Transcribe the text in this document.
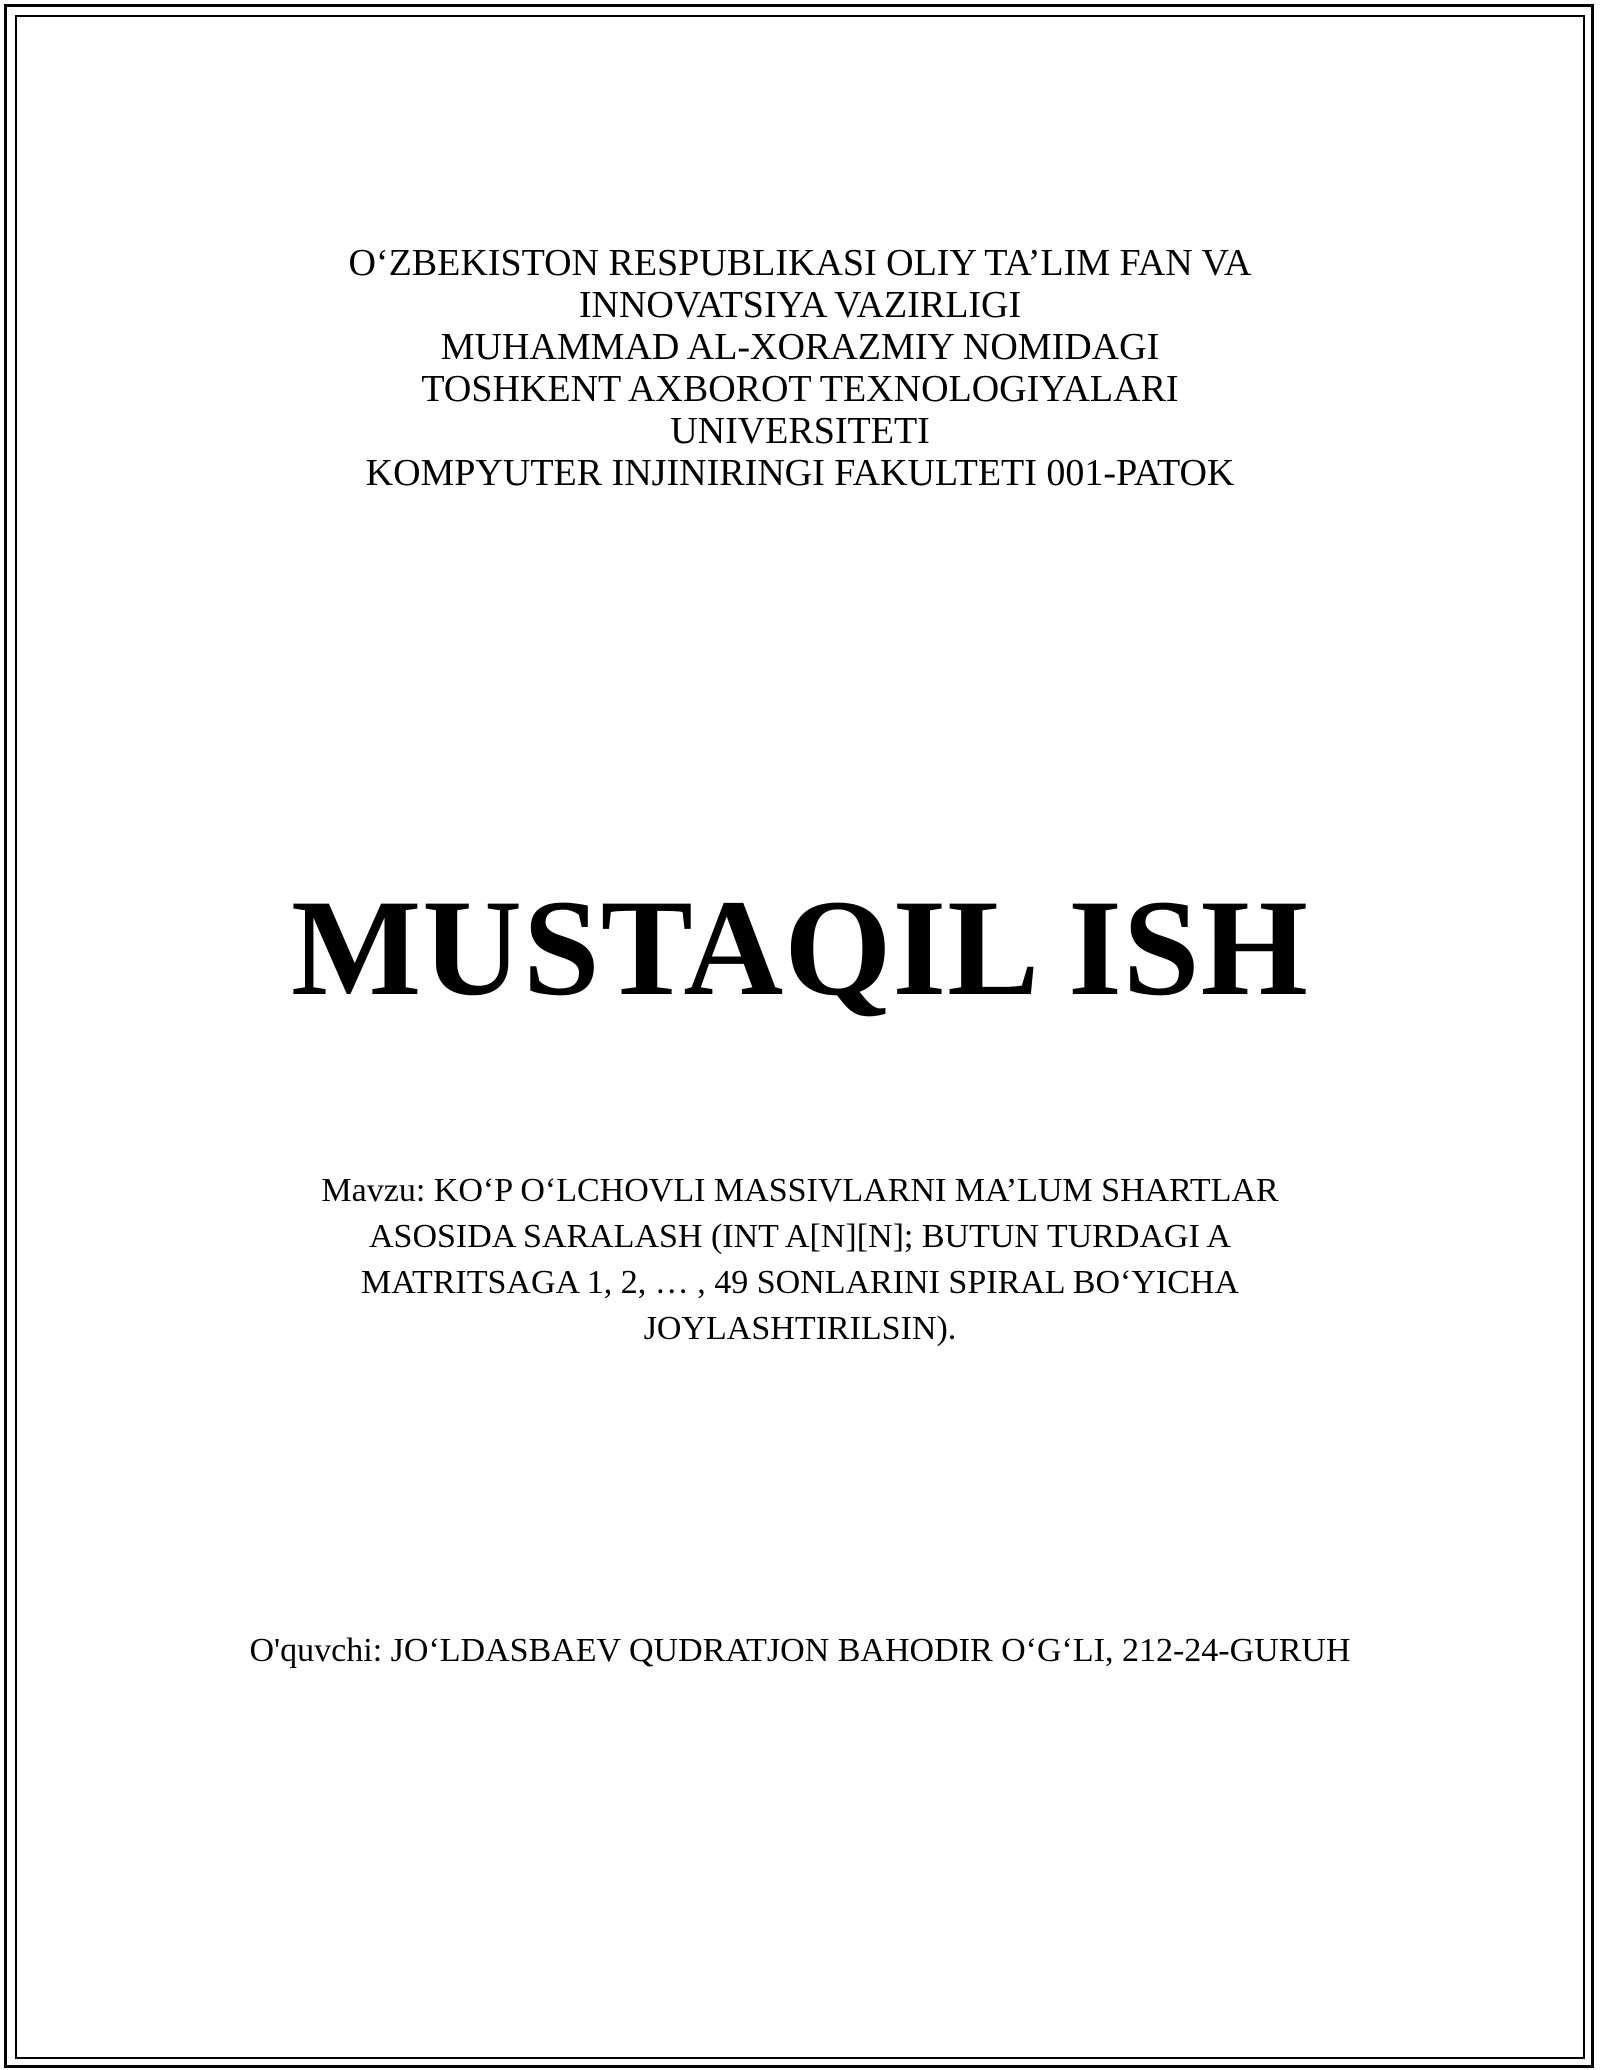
O‘ZBEKISTON RESPUBLIKASI OLIY TA’LIM FAN VA
INNOVATSIYA VAZIRLIGI
MUHAMMAD AL-XORAZMIY NOMIDAGI
TOSHKENT AXBOROT TEXNOLOGIYALARI
UNIVERSITETI
KOMPYUTER INJINIRINGI FAKULTETI 001-PATOK
MUSTAQIL ISH
Mavzu: KO‘P O‘LCHOVLI MASSIVLARNI MA’LUM SHARTLAR ASOSIDA SARALASH (INT A[N][N]; BUTUN TURDAGI A MATRITSAGA 1, 2, … , 49 SONLARINI SPIRAL BO‘YICHA JOYLASHTIRILSIN).
O'quvchi: JO‘LDASBAEV QUDRATJON BAHODIR O‘G‘LI, 212-24-GURUH
